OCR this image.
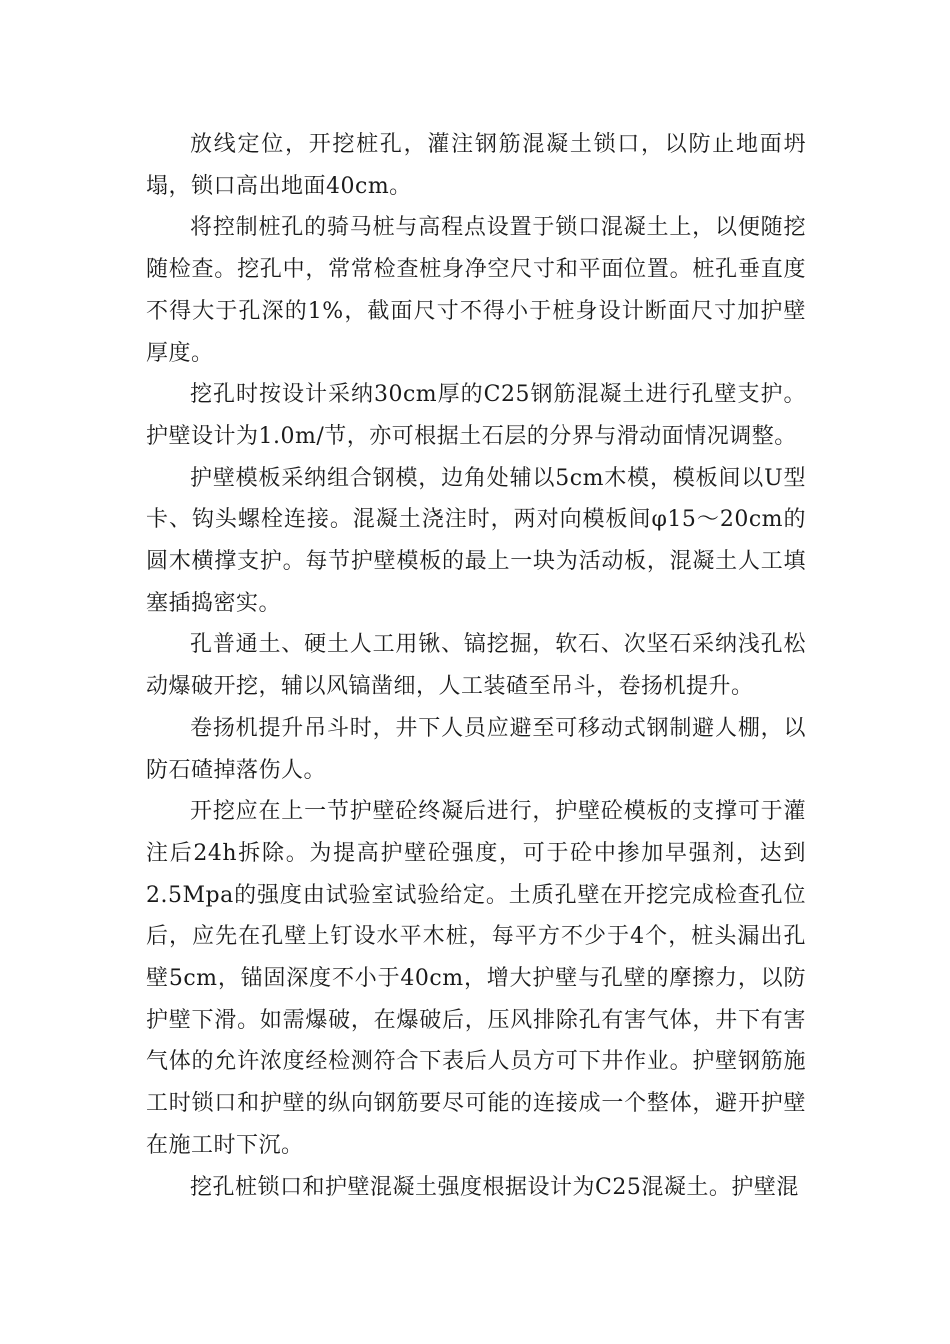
放线定位，开挖桩孔，灌注钢筋混凝土锁口，以防止地面坍塌，锁口高出地面40cm。

将控制桩孔的骑马桩与高程点设置于锁口混凝土上，以便随挖随检查。挖孔中，常常检查桩身净空尺寸和平面位置。桩孔垂直度不得大于孔深的1%，截面尺寸不得小于桩身设计断面尺寸加护壁厚度。

挖孔时按设计采纳30cm厚的C25钢筋混凝土进行孔壁支护。护壁设计为1.0m/节，亦可根据土石层的分界与滑动面情况调整。

护壁模板采纳组合钢模，边角处辅以5cm木模，模板间以U型卡、钩头螺栓连接。混凝土浇注时，两对向模板间φ15～20cm的圆木横撑支护。每节护壁模板的最上一块为活动板，混凝土人工填塞插捣密实。

孔普通土、硬土人工用锹、镐挖掘，软石、次坚石采纳浅孔松动爆破开挖，辅以风镐凿细，人工装碴至吊斗，卷扬机提升。

卷扬机提升吊斗时，井下人员应避至可移动式钢制避人棚，以防石碴掉落伤人。

开挖应在上一节护壁砼终凝后进行，护壁砼模板的支撑可于灌注后24h拆除。为提高护壁砼强度，可于砼中掺加早强剂，达到2.5Mpa的强度由试验室试验给定。土质孔壁在开挖完成检查孔位后，应先在孔壁上钉设水平木桩，每平方不少于4个，桩头漏出孔壁5cm，锚固深度不小于40cm，增大护壁与孔壁的摩擦力，以防护壁下滑。如需爆破，在爆破后，压风排除孔有害气体，井下有害气体的允许浓度经检测符合下表后人员方可下井作业。护壁钢筋施工时锁口和护壁的纵向钢筋要尽可能的连接成一个整体，避开护壁在施工时下沉。

挖孔桩锁口和护壁混凝土强度根据设计为C25混凝土。护壁混
